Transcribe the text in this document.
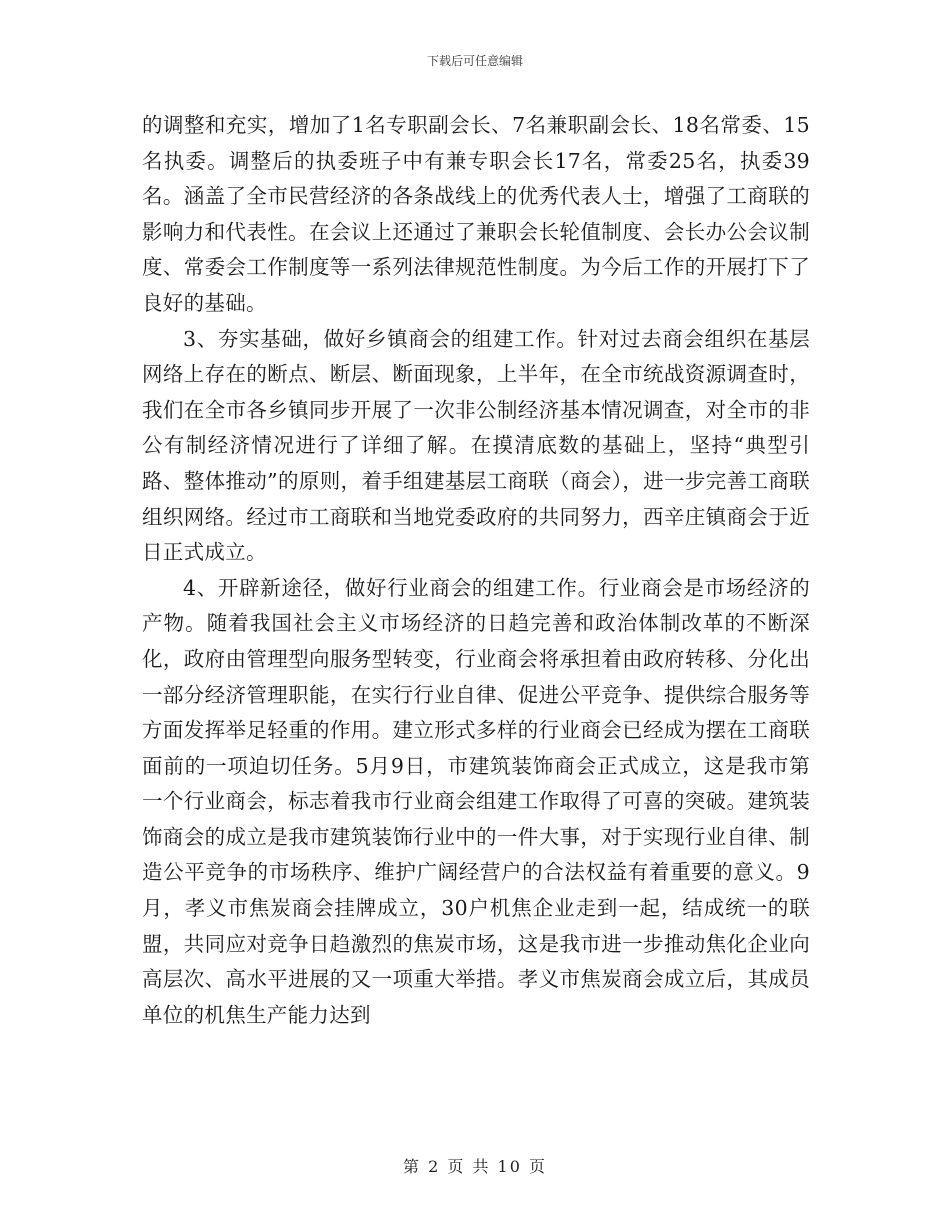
下载后可任意编辑

的调整和充实，增加了1名专职副会长、7名兼职副会长、18名常委、15名执委。调整后的执委班子中有兼专职会长17名，常委25名，执委39名。涵盖了全市民营经济的各条战线上的优秀代表人士，增强了工商联的影响力和代表性。在会议上还通过了兼职会长轮值制度、会长办公会议制度、常委会工作制度等一系列法律规范性制度。为今后工作的开展打下了良好的基础。

3、夯实基础，做好乡镇商会的组建工作。针对过去商会组织在基层网络上存在的断点、断层、断面现象，上半年，在全市统战资源调查时，我们在全市各乡镇同步开展了一次非公制经济基本情况调查，对全市的非公有制经济情况进行了详细了解。在摸清底数的基础上，坚持“典型引路、整体推动”的原则，着手组建基层工商联（商会），进一步完善工商联组织网络。经过市工商联和当地党委政府的共同努力，西辛庄镇商会于近日正式成立。

4、开辟新途径，做好行业商会的组建工作。行业商会是市场经济的产物。随着我国社会主义市场经济的日趋完善和政治体制改革的不断深化，政府由管理型向服务型转变，行业商会将承担着由政府转移、分化出一部分经济管理职能，在实行行业自律、促进公平竞争、提供综合服务等方面发挥举足轻重的作用。建立形式多样的行业商会已经成为摆在工商联面前的一项迫切任务。5月9日，市建筑装饰商会正式成立，这是我市第一个行业商会，标志着我市行业商会组建工作取得了可喜的突破。建筑装饰商会的成立是我市建筑装饰行业中的一件大事，对于实现行业自律、制造公平竞争的市场秩序、维护广阔经营户的合法权益有着重要的意义。9月，孝义市焦炭商会挂牌成立，30户机焦企业走到一起，结成统一的联盟，共同应对竞争日趋激烈的焦炭市场，这是我市进一步推动焦化企业向高层次、高水平进展的又一项重大举措。孝义市焦炭商会成立后，其成员单位的机焦生产能力达到

第 2 页 共 10 页
